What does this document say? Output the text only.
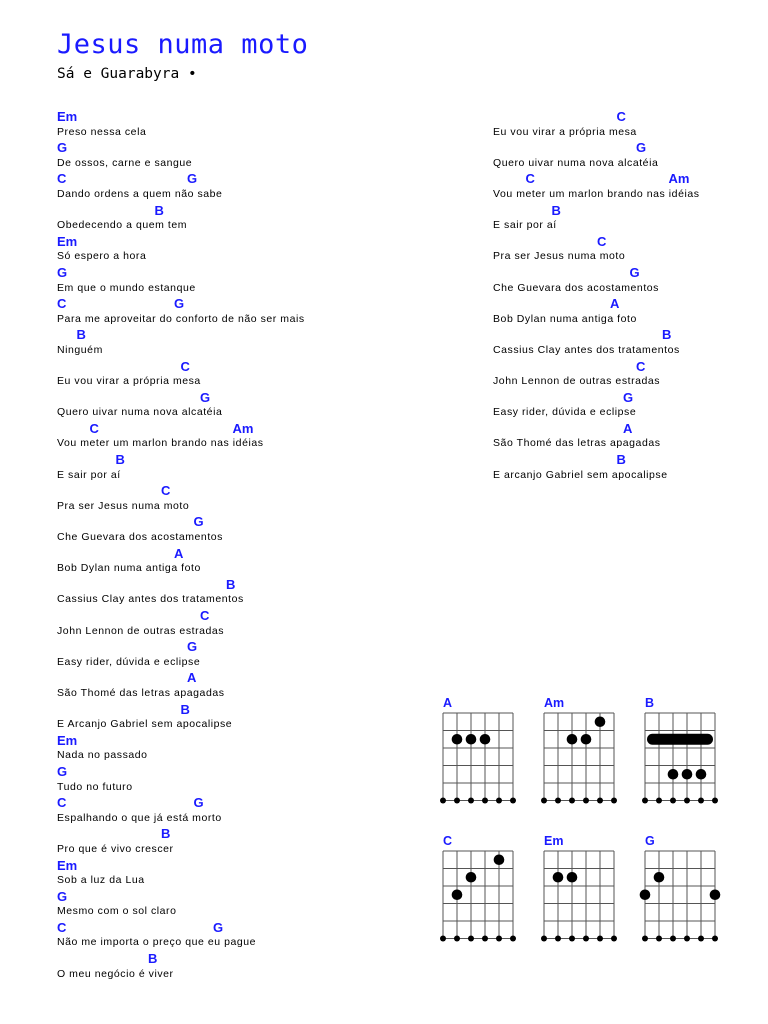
Jesus numa moto
Sá e Guarabyra •
Em
Preso nessa cela
G
De ossos, carne e sangue
C	G
Dando ordens a quem não sabe
B
Obedecendo a quem tem
Em
Só espero a hora
G
Em que o mundo estanque
C	G
Para me aproveitar do conforto de não ser mais
B
Ninguém
C
Eu vou virar a própria mesa
G
Quero uivar numa nova alcatéia
C	Am
Vou meter um marlon brando nas idéias
B
E sair por aí
C
Pra ser Jesus numa moto
G
Che Guevara dos acostamentos
A
Bob Dylan numa antiga foto
B
Cassius Clay antes dos tratamentos
C
John Lennon de outras estradas
G
Easy rider, dúvida e eclipse
A
São Thomé das letras apagadas
B
E Arcanjo Gabriel sem apocalipse
Em
Nada no passado
G
Tudo no futuro
C	G
Espalhando o que já está morto
B
Pro que é vivo crescer
Em
Sob a luz da Lua
G
Mesmo com o sol claro
C	G
Não me importa o preço que eu pague
B
O meu negócio é viver
C
Eu vou virar a própria mesa
G
Quero uivar numa nova alcatéia
C	Am
Vou meter um marlon brando nas idéias
B
E sair por aí
C
Pra ser Jesus numa moto
G
Che Guevara dos acostamentos
A
Bob Dylan numa antiga foto
B
Cassius Clay antes dos tratamentos
C
John Lennon de outras estradas
G
Easy rider, dúvida e eclipse
A
São Thomé das letras apagadas
B
E arcanjo Gabriel sem apocalipse
A	Am	B
C	Em	G
